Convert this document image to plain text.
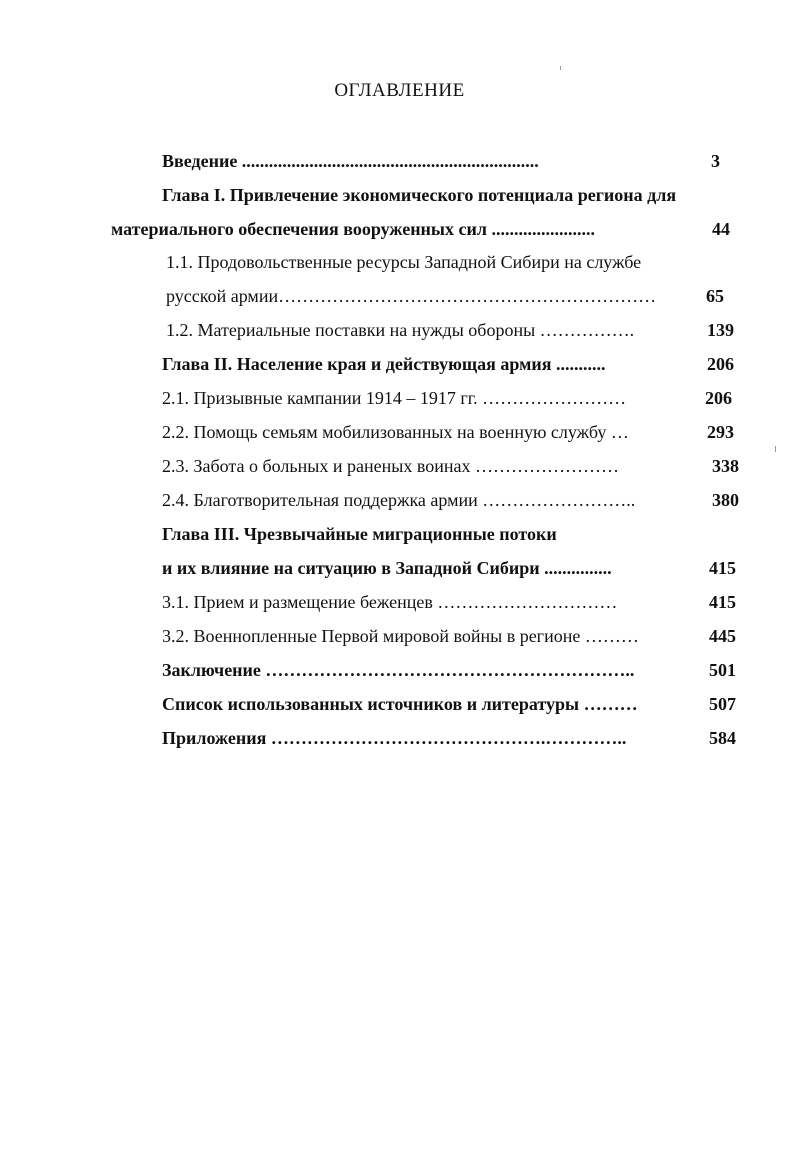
ОГЛАВЛЕНИЕ
Введение ..................................................................	3
Глава I. Привлечение экономического потенциала региона для
материального обеспечения вооруженных сил .......................	44
1.1. Продовольственные ресурсы Западной Сибири на службе
русской армии………………………………………………………	65
1.2. Материальные поставки на нужды обороны …………….	139
Глава II. Население края и действующая армия ...........	206
2.1. Призывные кампании 1914 – 1917 гг. ……………………	206
2.2. Помощь семьям мобилизованных на военную службу …	293
2.3. Забота о больных и раненых воинах ……………………	338
2.4. Благотворительная поддержка армии ……………………..	380
Глава III. Чрезвычайные миграционные потоки
и их влияние на ситуацию в Западной Сибири ...............	415
3.1. Прием и размещение беженцев …………………………	415
3.2. Военнопленные Первой мировой войны в регионе ………	445
Заключение ……………………………………………………..	501
Список использованных источников и литературы ………	507
Приложения ……………………………………….…………..	584
